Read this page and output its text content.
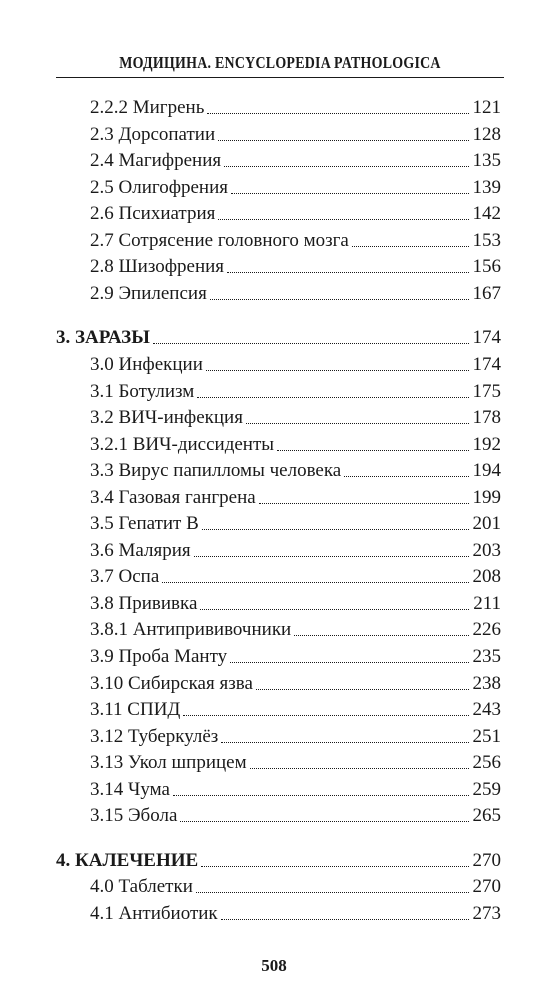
МОДИЦИНА. ENCYCLOPEDIA PATHOLOGICA
2.2.2 Мигрень	121
2.3 Дорсопатии	128
2.4 Магифрения	135
2.5 Олигофрения	139
2.6 Психиатрия	142
2.7 Сотрясение головного мозга	153
2.8 Шизофрения	156
2.9 Эпилепсия	167
3. ЗАРАЗЫ	174
3.0 Инфекции	174
3.1 Ботулизм	175
3.2 ВИЧ-инфекция	178
3.2.1 ВИЧ-диссиденты	192
3.3 Вирус папилломы человека	194
3.4 Газовая гангрена	199
3.5 Гепатит В	201
3.6 Малярия	203
3.7 Оспа	208
3.8 Прививка	211
3.8.1 Антипрививочники	226
3.9 Проба Манту	235
3.10 Сибирская язва	238
3.11 СПИД	243
3.12 Туберкулёз	251
3.13 Укол шприцем	256
3.14 Чума	259
3.15 Эбола	265
4. КАЛЕЧЕНИЕ	270
4.0 Таблетки	270
4.1 Антибиотик	273
508
